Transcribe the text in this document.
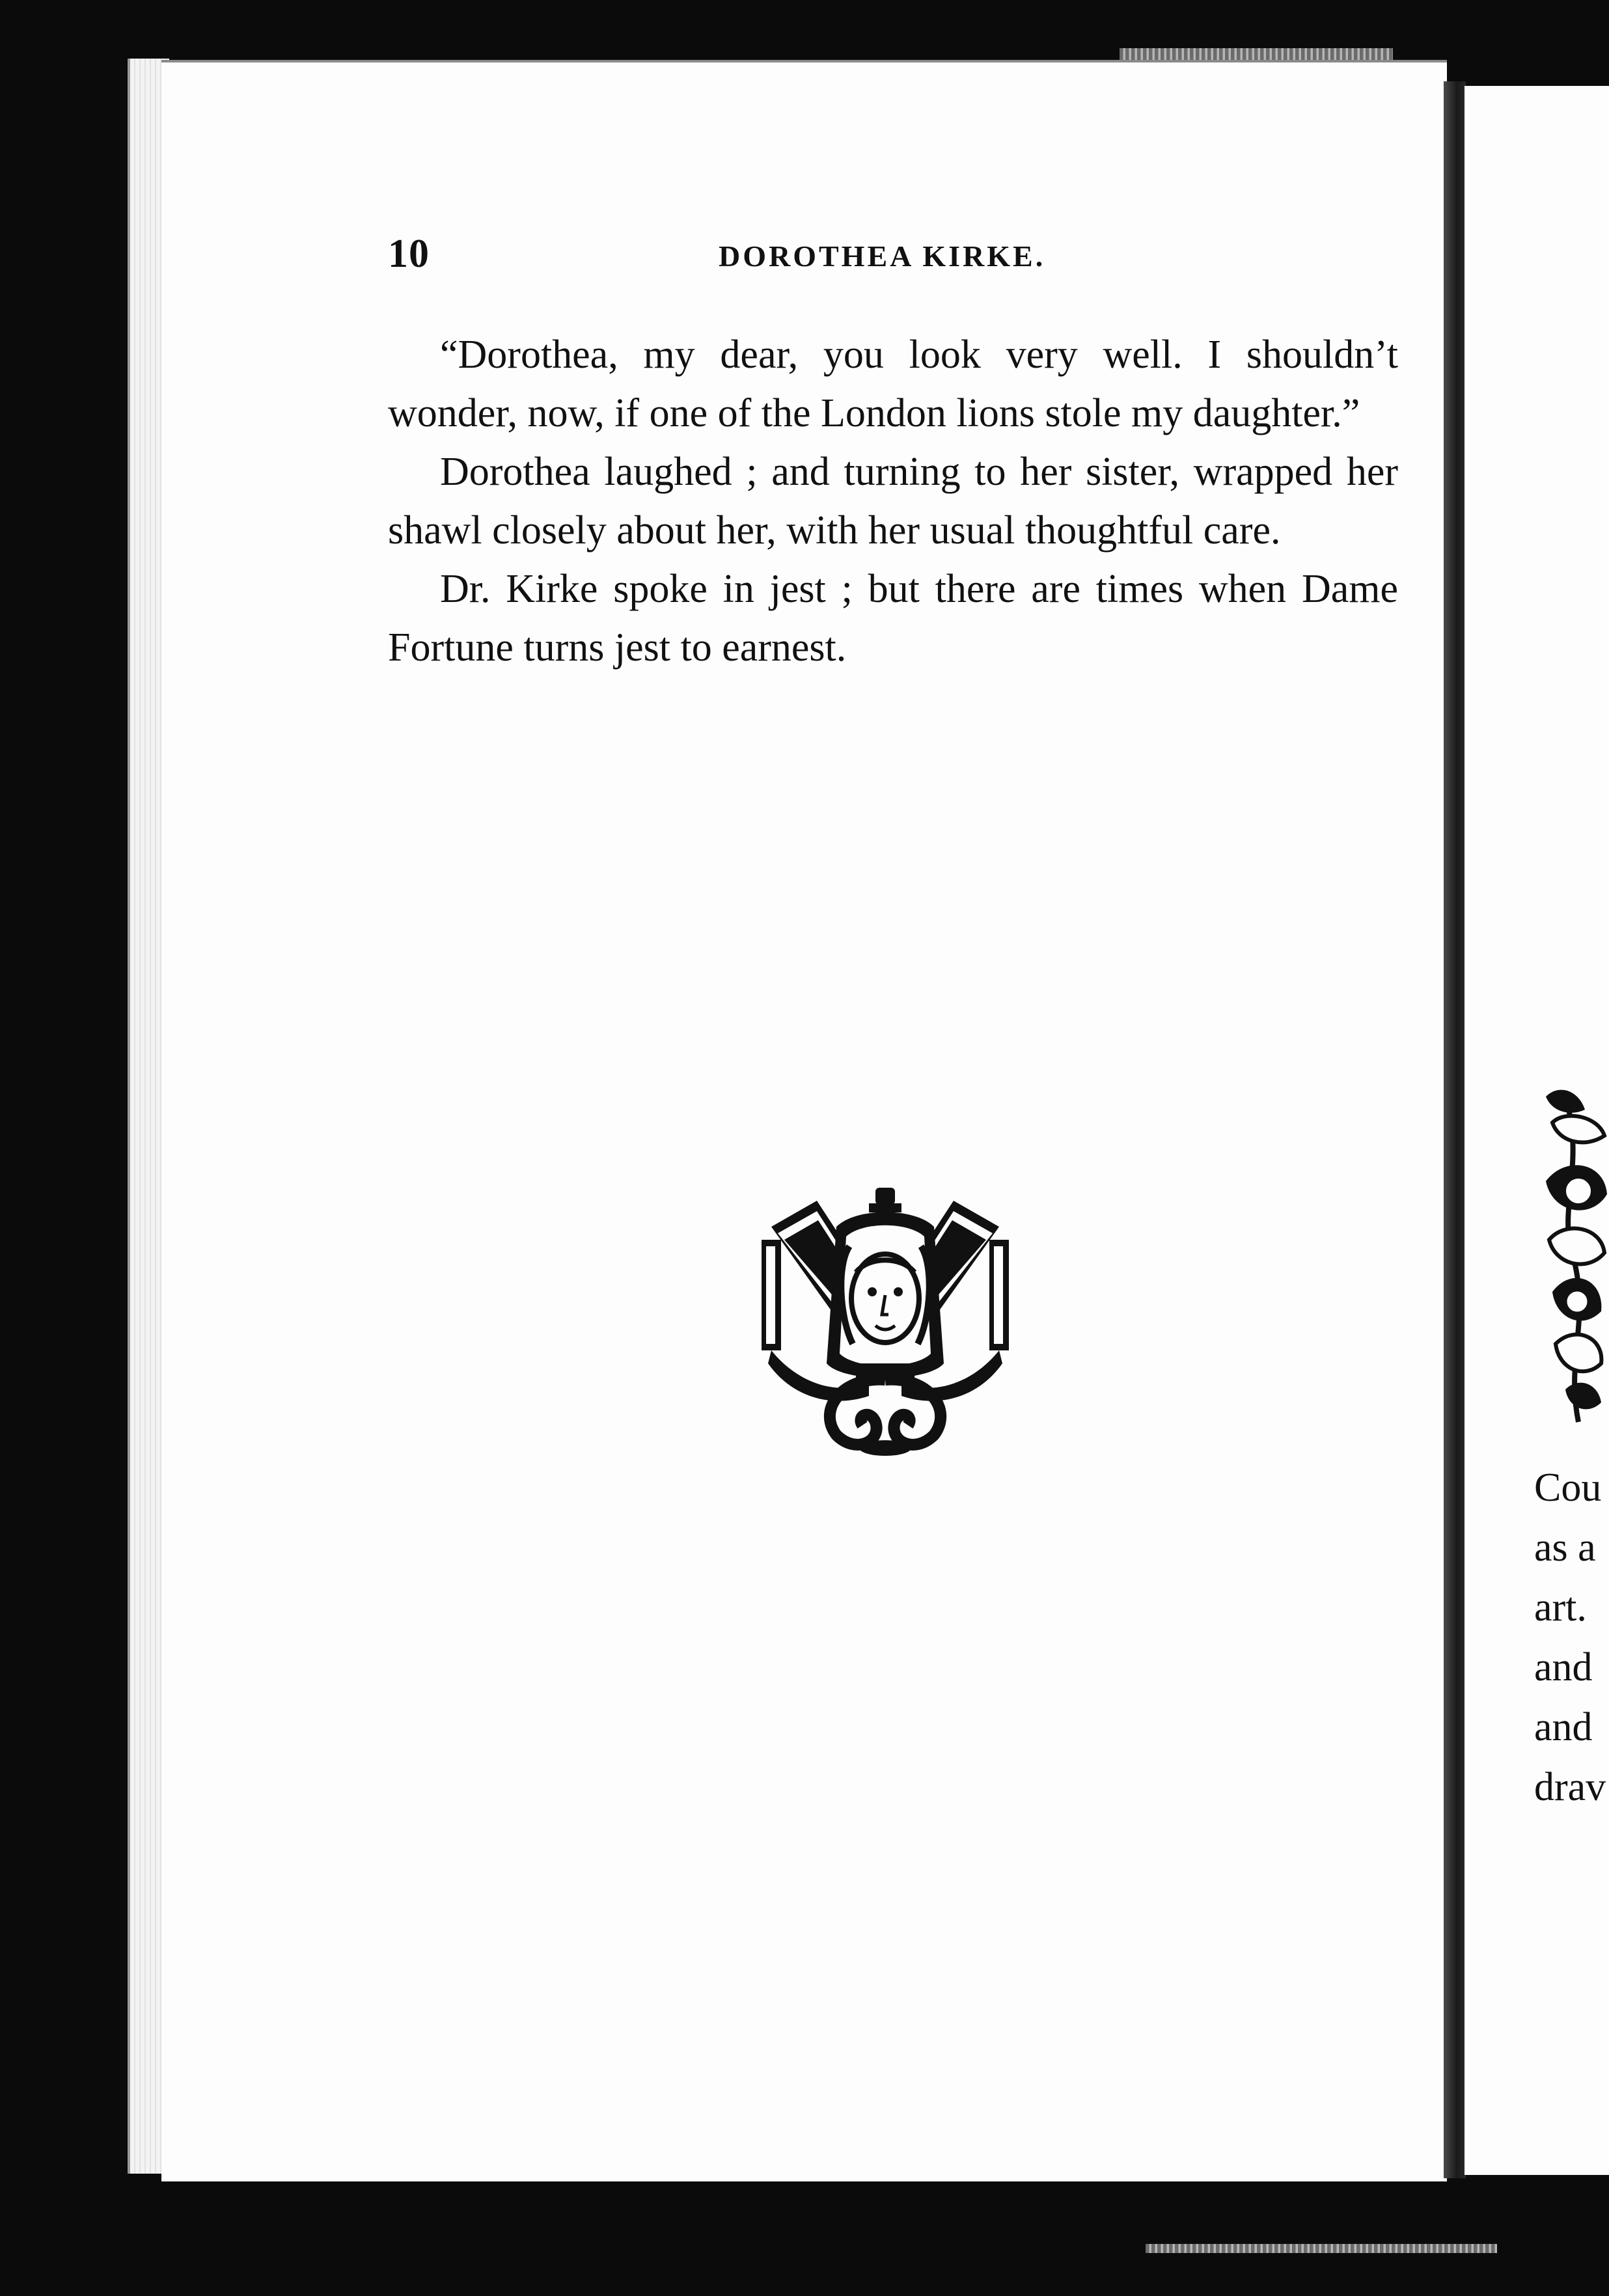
10	DOROTHEA KIRKE.

“Dorothea, my dear, you look very well. I shouldn’t wonder, now, if one of the London lions stole my daughter.”

Dorothea laughed ; and turning to her sister, wrapped her shawl closely about her, with her usual thoughtful care.

Dr. Kirke spoke in jest ; but there are times when Dame Fortune turns jest to earnest.

Cou
as a
art.
and
and
drav
